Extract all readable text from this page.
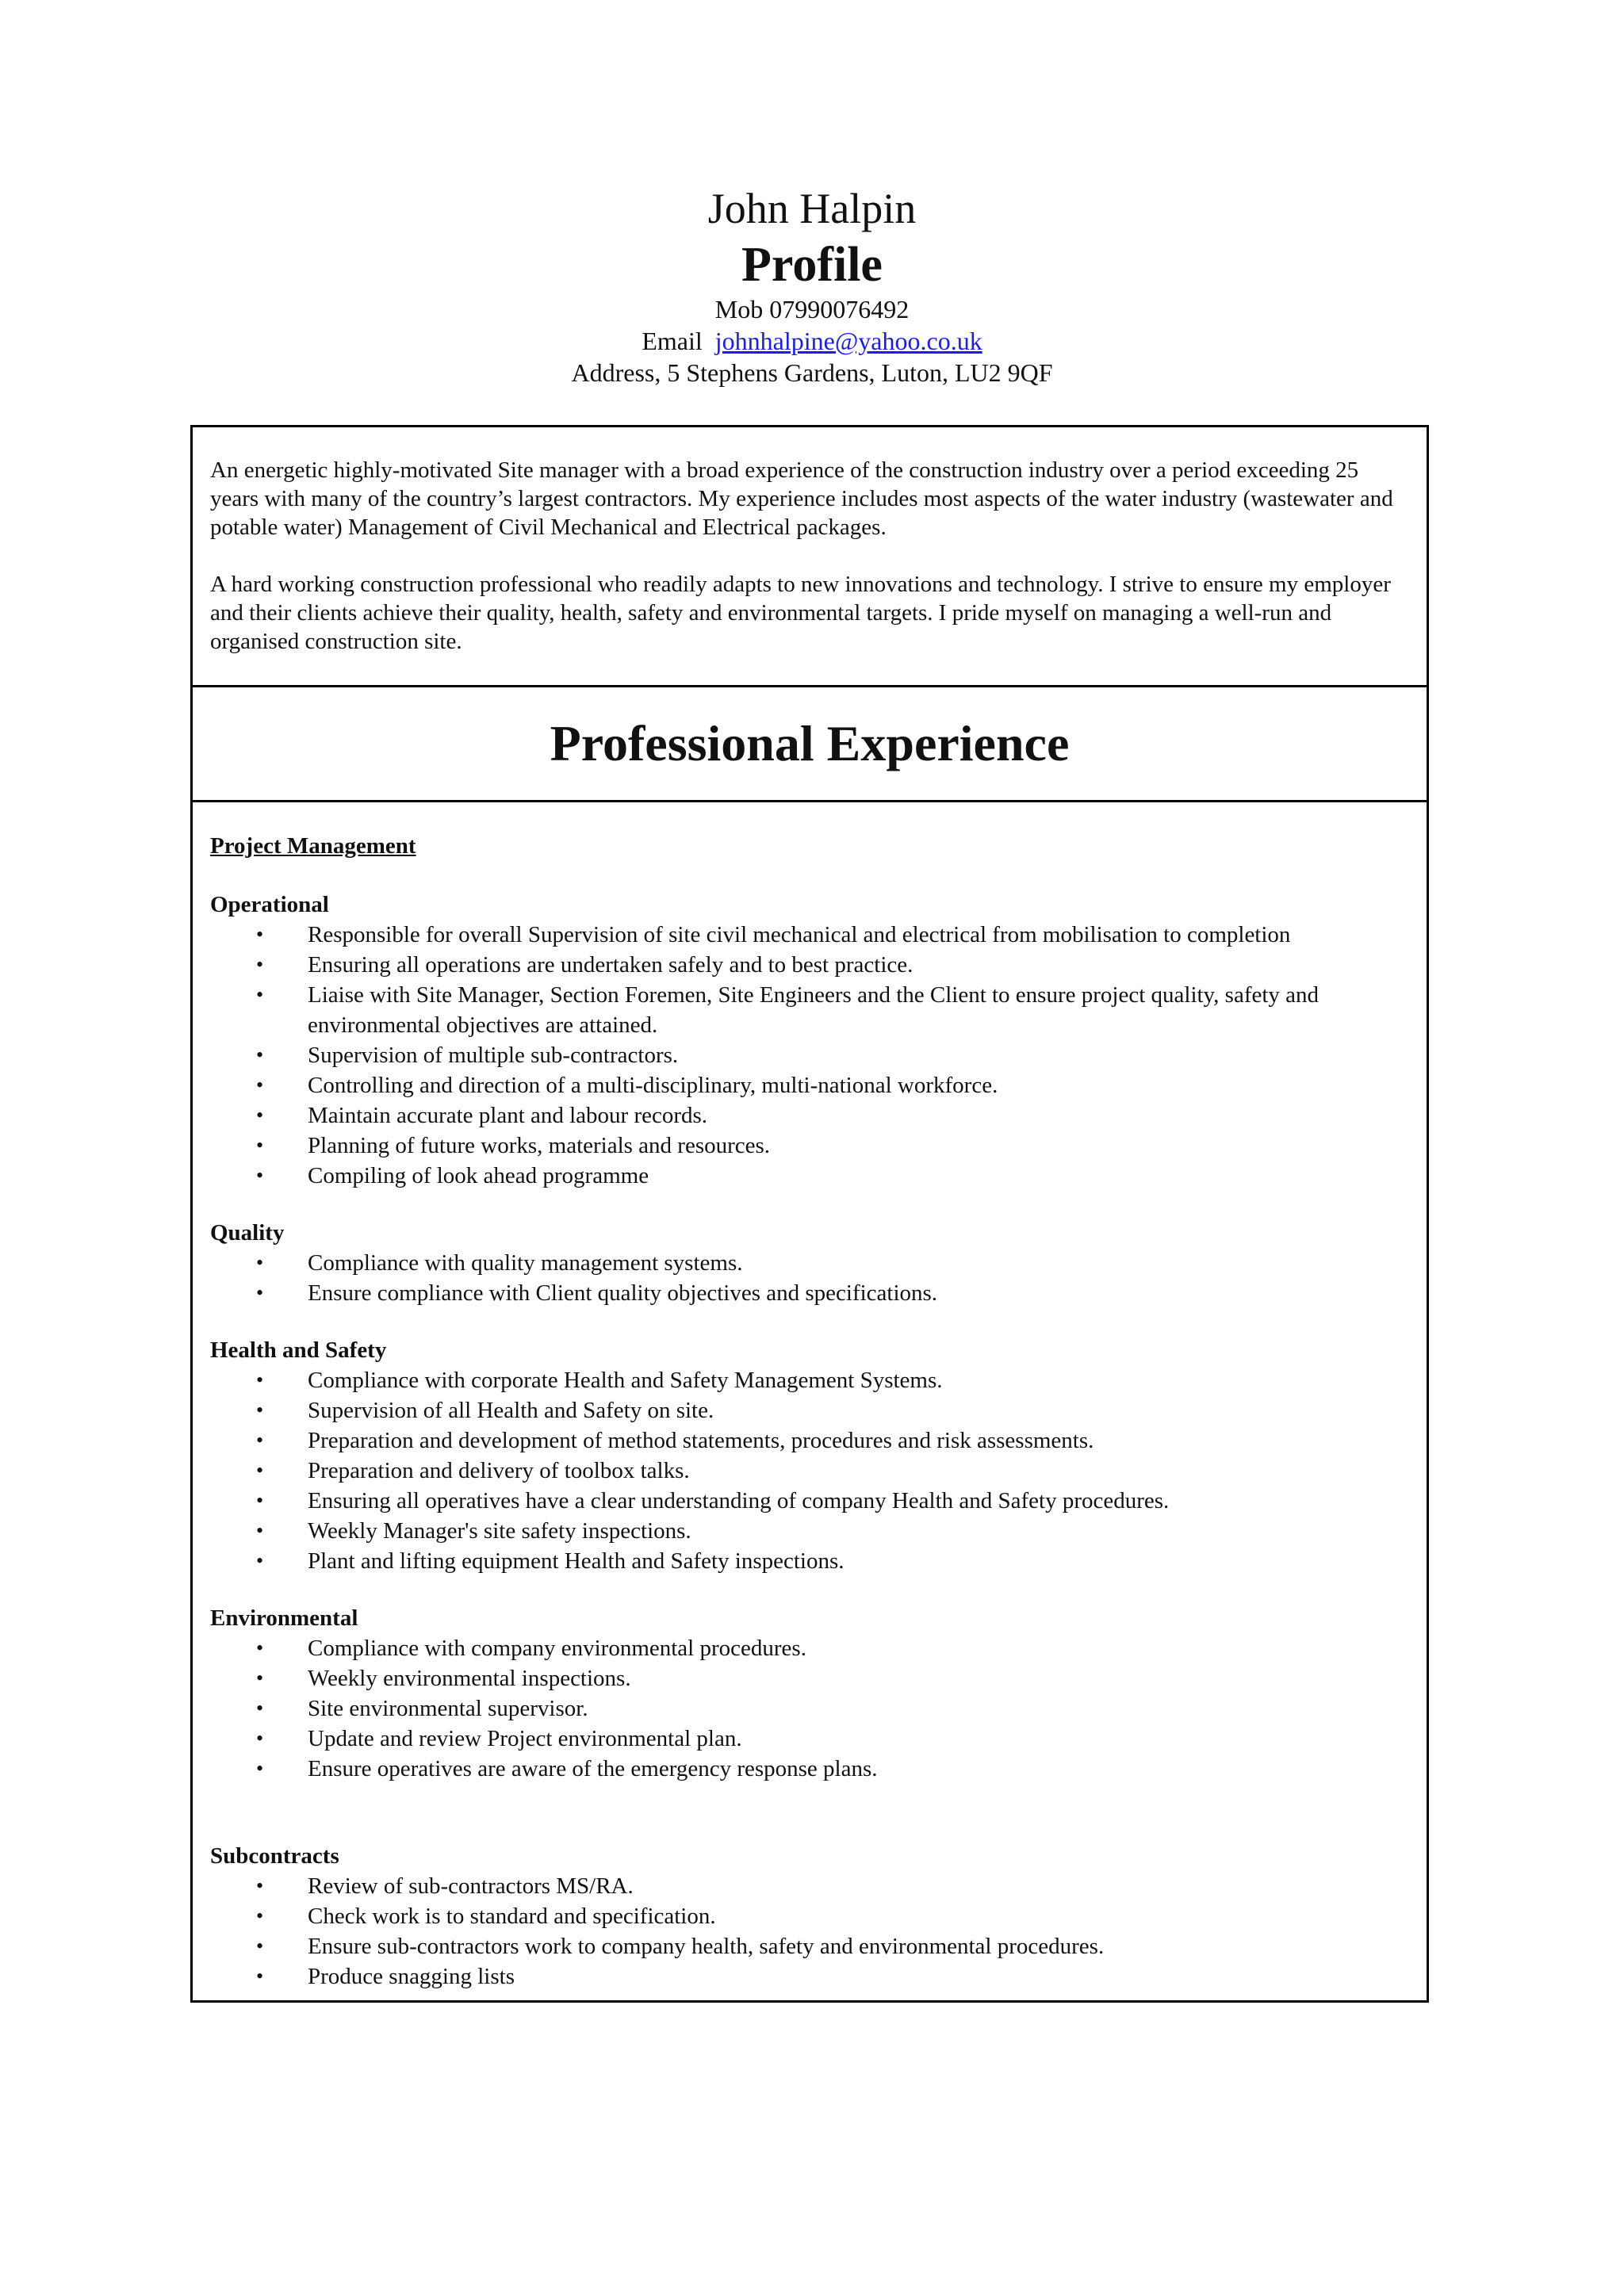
John Halpin
Profile
Mob 07990076492
Email johnhalpine@yahoo.co.uk
Address, 5 Stephens Gardens, Luton, LU2 9QF

An energetic highly-motivated Site manager with a broad experience of the construction industry over a period exceeding 25 years with many of the country’s largest contractors. My experience includes most aspects of the water industry (wastewater and potable water) Management of Civil Mechanical and Electrical packages.

A hard working construction professional who readily adapts to new innovations and technology. I strive to ensure my employer and their clients achieve their quality, health, safety and environmental targets. I pride myself on managing a well-run and organised construction site.

Professional Experience
Project Management
Operational
• Responsible for overall Supervision of site civil mechanical and electrical from mobilisation to completion
• Ensuring all operations are undertaken safely and to best practice.
• Liaise with Site Manager, Section Foremen, Site Engineers and the Client to ensure project quality, safety and environmental objectives are attained.
• Supervision of multiple sub-contractors.
• Controlling and direction of a multi-disciplinary, multi-national workforce.
• Maintain accurate plant and labour records.
• Planning of future works, materials and resources.
• Compiling of look ahead programme
Quality
• Compliance with quality management systems.
• Ensure compliance with Client quality objectives and specifications.
Health and Safety
• Compliance with corporate Health and Safety Management Systems.
• Supervision of all Health and Safety on site.
• Preparation and development of method statements, procedures and risk assessments.
• Preparation and delivery of toolbox talks.
• Ensuring all operatives have a clear understanding of company Health and Safety procedures.
• Weekly Manager's site safety inspections.
• Plant and lifting equipment Health and Safety inspections.
Environmental
• Compliance with company environmental procedures.
• Weekly environmental inspections.
• Site environmental supervisor.
• Update and review Project environmental plan.
• Ensure operatives are aware of the emergency response plans.
Subcontracts
• Review of sub-contractors MS/RA.
• Check work is to standard and specification.
• Ensure sub-contractors work to company health, safety and environmental procedures.
• Produce snagging lists
